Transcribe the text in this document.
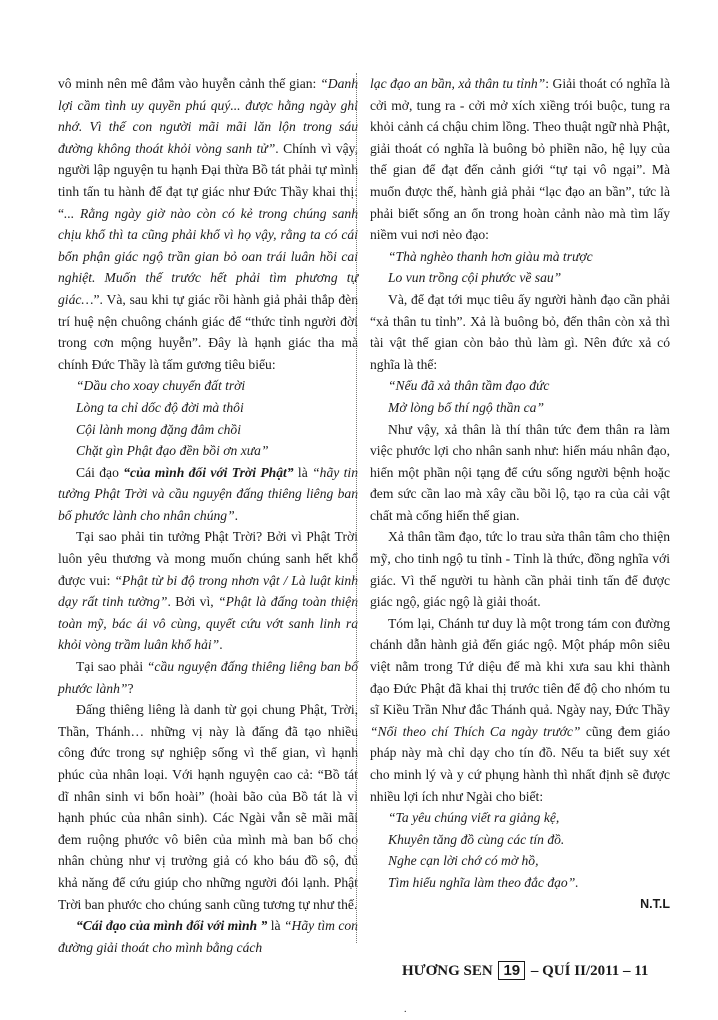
vô minh nên mê đắm vào huyễn cảnh thế gian: “Danh lợi cầm tình uy quyền phú quý... được hằng ngày ghi nhớ. Vì thế con người mãi mãi lăn lộn trong sáu đường không thoát khỏi vòng sanh tử”. Chính vì vậy, người lập nguyện tu hạnh Đại thừa Bồ tát phải tự mình tinh tấn tu hành để đạt tự giác như Đức Thầy khai thị: “... Rằng ngày giờ nào còn có kẻ trong chúng sanh chịu khổ thì ta cũng phải khổ vì họ vậy, rằng ta có cái bổn phận giác ngộ trần gian bỏ oan trái luân hồi cai nghiệt. Muốn thế trước hết phải tìm phương tự giác…”. Và, sau khi tự giác rồi hành giả phải thắp đèn trí huệ nện chuông chánh giác để “thức tỉnh người đời trong cơn mộng huyễn”. Đây là hạnh giác tha mà chính Đức Thầy là tấm gương tiêu biểu:

“Dầu cho xoay chuyển đất trời

Lòng ta chỉ dốc độ đời mà thôi

Cội lành mong đặng đâm chồi

Chặt gìn Phật đạo đền bồi ơn xưa”

Cái đạo “của mình đối với Trời Phật” là “hãy tin tưởng Phật Trời và cầu nguyện đấng thiêng liêng ban bố phước lành cho nhân chúng”.

Tại sao phải tin tưởng Phật Trời? Bởi vì Phật Trời luôn yêu thương và mong muốn chúng sanh hết khổ được vui: “Phật từ bi độ trong nhơn vật / Là luật kinh dạy rất tinh tường”. Bởi vì, “Phật là đấng toàn thiện toàn mỹ, bác ái vô cùng, quyết cứu vớt sanh linh ra khỏi vòng trầm luân khổ hải”.

Tại sao phải “cầu nguyện đấng thiêng liêng ban bố phước lành”?

Đấng thiêng liêng là danh từ gọi chung Phật, Trời, Thần, Thánh… những vị này là đấng đã tạo nhiều công đức trong sự nghiệp sống vì thế gian, vì hạnh phúc của nhân loại. Với hạnh nguyện cao cả: “Bồ tát dĩ nhân sinh vi bổn hoài” (hoài bão của Bồ tát là vì hạnh phúc của nhân sinh). Các Ngài vẫn sẽ mãi mãi đem ruộng phước vô biên của mình mà ban bố cho nhân chủng như vị trưởng giả có kho báu đồ sộ, đủ khả năng để cứu giúp cho những người đói lạnh. Phật Trời ban phước cho chúng sanh cũng tương tự như thế.

“Cái đạo của mình đối với mình ” là “Hãy tìm con đường giải thoát cho mình bằng cách

lạc đạo an bần, xả thân tu tỉnh”: Giải thoát có nghĩa là cởi mở, tung ra - cởi mở xích xiềng trói buộc, tung ra khỏi cảnh cá chậu chim lồng. Theo thuật ngữ nhà Phật, giải thoát có nghĩa là buông bỏ phiền não, hệ lụy của thế gian để đạt đến cảnh giới “tự tại vô ngại”. Mà muốn được thế, hành giả phải “lạc đạo an bần”, tức là phải biết sống an ổn trong hoàn cảnh nào mà tìm lấy niềm vui nơi nẻo đạo:

“Thà nghèo thanh hơn giàu mà trược

Lo vun trồng cội phước về sau”

Và, để đạt tới mục tiêu ấy người hành đạo cần phải “xả thân tu tỉnh”. Xả là buông bỏ, đến thân còn xả thì tài vật thế gian còn bảo thủ làm gì. Nên đức xả có nghĩa là thế:

“Nếu đã xả thân tầm đạo đức

Mở lòng bố thí ngộ thần ca”

Như vậy, xả thân là thí thân tức đem thân ra làm việc phước lợi cho nhân sanh như: hiến máu nhân đạo, hiến một phần nội tạng để cứu sống người bệnh hoặc đem sức cần lao mà xây cầu bồi lộ, tạo ra của cải vật chất mà cống hiến thế gian.

Xả thân tầm đạo, tức lo trau sửa thân tâm cho thiện mỹ, cho tinh ngộ tu tỉnh - Tỉnh là thức, đồng nghĩa với giác. Vì thế người tu hành cần phải tinh tấn để được giác ngộ, giác ngộ là giải thoát.

Tóm lại, Chánh tư duy là một trong tám con đường chánh dẫn hành giả đến giác ngộ. Một pháp môn siêu việt nằm trong Tứ diệu đế mà khi xưa sau khi thành đạo Đức Phật đã khai thị trước tiên để độ cho nhóm tu sĩ Kiều Trần Như đắc Thánh quả. Ngày nay, Đức Thầy “Nối theo chí Thích Ca ngày trước” cũng đem giáo pháp này mà chỉ dạy cho tín đồ. Nếu ta biết suy xét cho minh lý và y cứ phụng hành thì nhất định sẽ được nhiều lợi ích như Ngài cho biết:

“Ta yêu chúng viết ra giảng kệ,

Khuyên tăng đồ cùng các tín đồ.

Nghe cạn lời chớ có mờ hồ,

Tìm hiểu nghĩa làm theo đắc đạo”.

N.T.L

HƯƠNG SEN 19 – QUÍ II/2011 – 11
.
